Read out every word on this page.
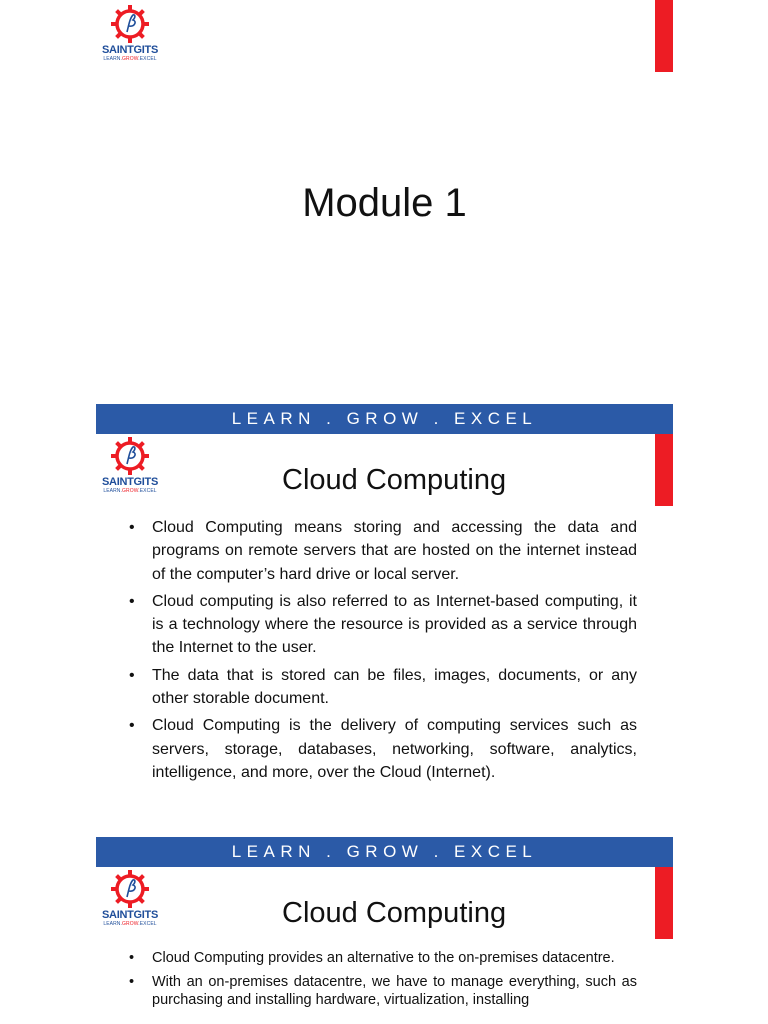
SAINTGITS
LEARN.GROW.EXCEL
Module 1
LEARN . GROW . EXCEL
SAINTGITS
LEARN.GROW.EXCEL	Cloud Computing
• Cloud Computing means storing and accessing the data and programs on remote servers that are hosted on the internet instead of the computer’s hard drive or local server.
• Cloud computing is also referred to as Internet-based computing, it is a technology where the resource is provided as a service through the Internet to the user.
• The data that is stored can be files, images, documents, or any other storable document.
• Cloud Computing is the delivery of computing services such as servers, storage, databases, networking, software, analytics, intelligence, and more, over the Cloud (Internet).
LEARN . GROW . EXCEL
SAINTGITS
LEARN.GROW.EXCEL	Cloud Computing
• Cloud Computing provides an alternative to the on-premises datacentre.
• With an on-premises datacentre, we have to manage everything, such as purchasing and installing hardware, virtualization, installing
